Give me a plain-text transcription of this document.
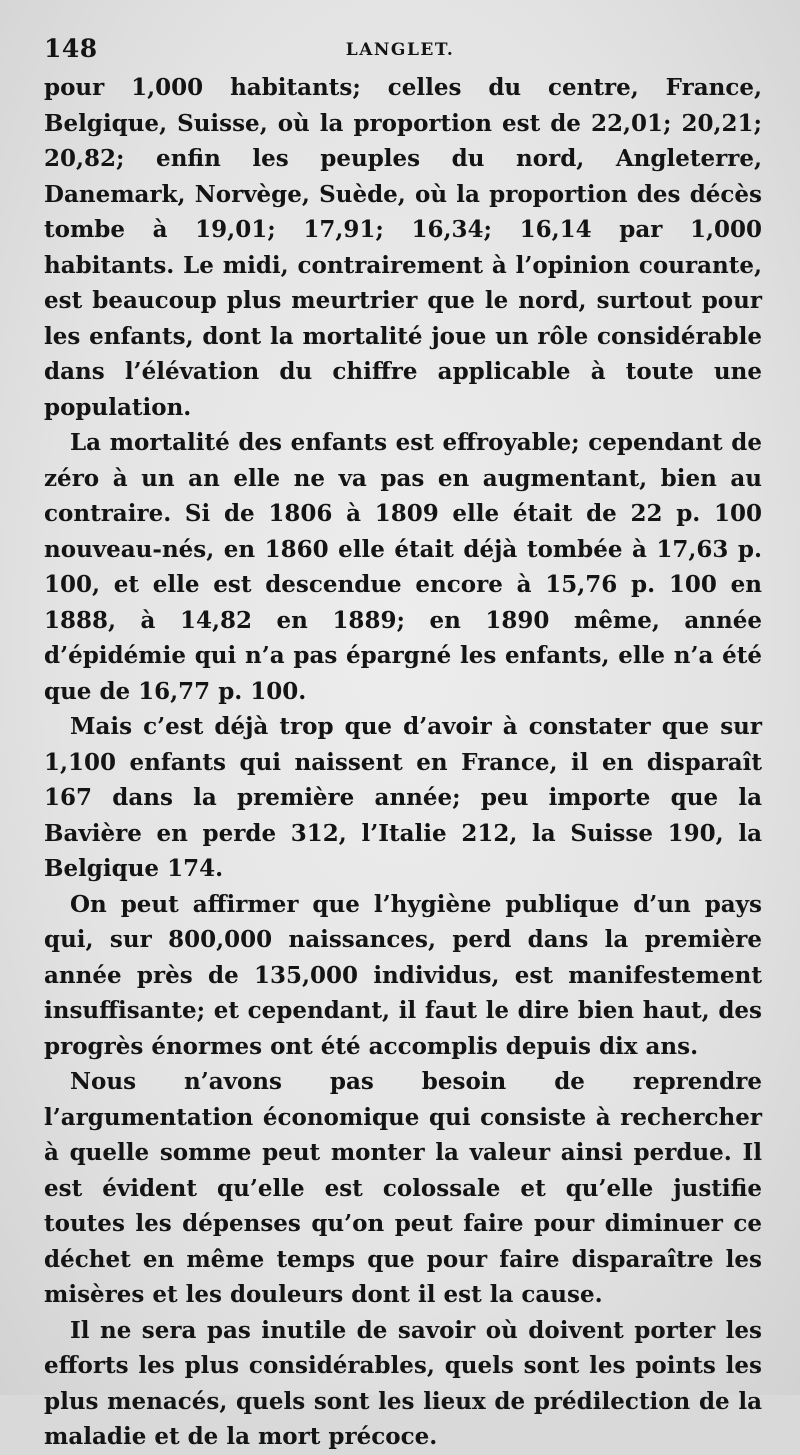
148	LANGLET.

pour 1,000 habitants; celles du centre, France, Belgique, Suisse, où la proportion est de 22,01; 20,21; 20,82; enfin les peuples du nord, Angleterre, Danemark, Norvège, Suède, où la proportion des décès tombe à 19,01; 17,91; 16,34; 16,14 par 1,000 habitants. Le midi, contrairement à l’opinion courante, est beaucoup plus meurtrier que le nord, surtout pour les enfants, dont la mortalité joue un rôle considérable dans l’élévation du chiffre applicable à toute une population.

La mortalité des enfants est effroyable; cependant de zéro à un an elle ne va pas en augmentant, bien au contraire. Si de 1806 à 1809 elle était de 22 p. 100 nouveau-nés, en 1860 elle était déjà tombée à 17,63 p. 100, et elle est descendue encore à 15,76 p. 100 en 1888, à 14,82 en 1889; en 1890 même, année d’épidémie qui n’a pas épargné les enfants, elle n’a été que de 16,77 p. 100.

Mais c’est déjà trop que d’avoir à constater que sur 1,100 enfants qui naissent en France, il en disparaît 167 dans la première année; peu importe que la Bavière en perde 312, l’Italie 212, la Suisse 190, la Belgique 174.

On peut affirmer que l’hygiène publique d’un pays qui, sur 800,000 naissances, perd dans la première année près de 135,000 individus, est manifestement insuffisante; et cependant, il faut le dire bien haut, des progrès énormes ont été accomplis depuis dix ans.

Nous n’avons pas besoin de reprendre l’argumentation économique qui consiste à rechercher à quelle somme peut monter la valeur ainsi perdue. Il est évident qu’elle est colossale et qu’elle justifie toutes les dépenses qu’on peut faire pour diminuer ce déchet en même temps que pour faire disparaître les misères et les douleurs dont il est la cause.

Il ne sera pas inutile de savoir où doivent porter les efforts les plus considérables, quels sont les points les plus menacés, quels sont les lieux de prédilection de la maladie et de la mort précoce.
